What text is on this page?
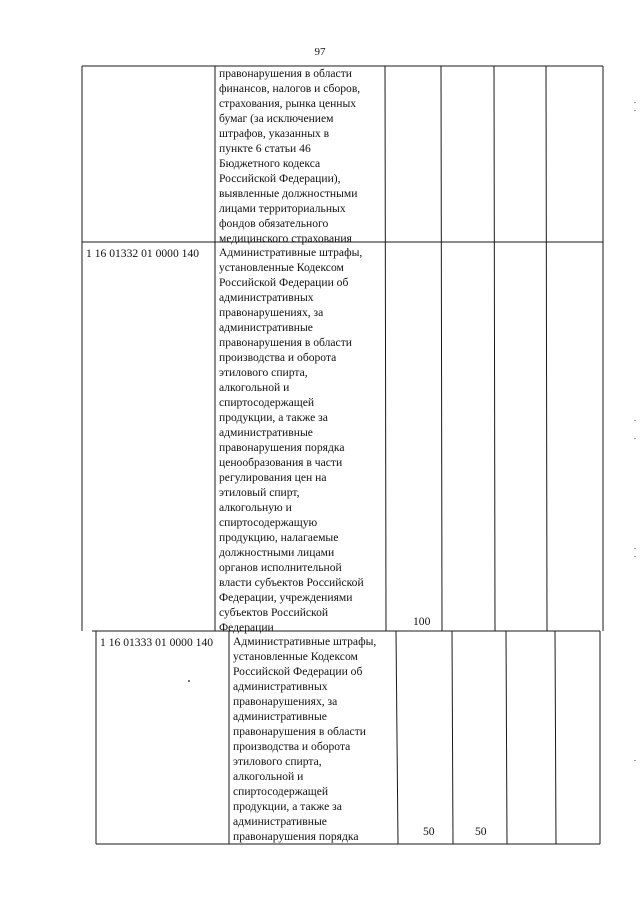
97
правонарушения в области
финансов, налогов и сборов,
страхования, рынка ценных
бумаг (за исключением
штрафов, указанных в
пункте 6 статьи 46
Бюджетного кодекса
Российской Федерации),
выявленные должностными
лицами территориальных
фондов обязательного
медицинского страхования
1 16 01332 01 0000 140 Административные штрафы,
установленные Кодексом
Российской Федерации об
административных
правонарушениях, за
административные
правонарушения в области
производства и оборота
этилового спирта,
алкогольной и
спиртосодержащей
продукции, а также за
административные
правонарушения порядка
ценообразования в части
регулирования цен на
этиловый спирт,
алкогольную и
спиртосодержащую
продукцию, налагаемые
должностными лицами
органов исполнительной
власти субъектов Российской
Федерации, учреждениями
субъектов Российской
Федерации	100
1 16 01333 01 0000 140 Административные штрафы,
установленные Кодексом
Российской Федерации об
административных
правонарушениях, за
административные
правонарушения в области
производства и оборота
этилового спирта,
алкогольной и
спиртосодержащей
продукции, а также за
административные
правонарушения порядка	50	50
